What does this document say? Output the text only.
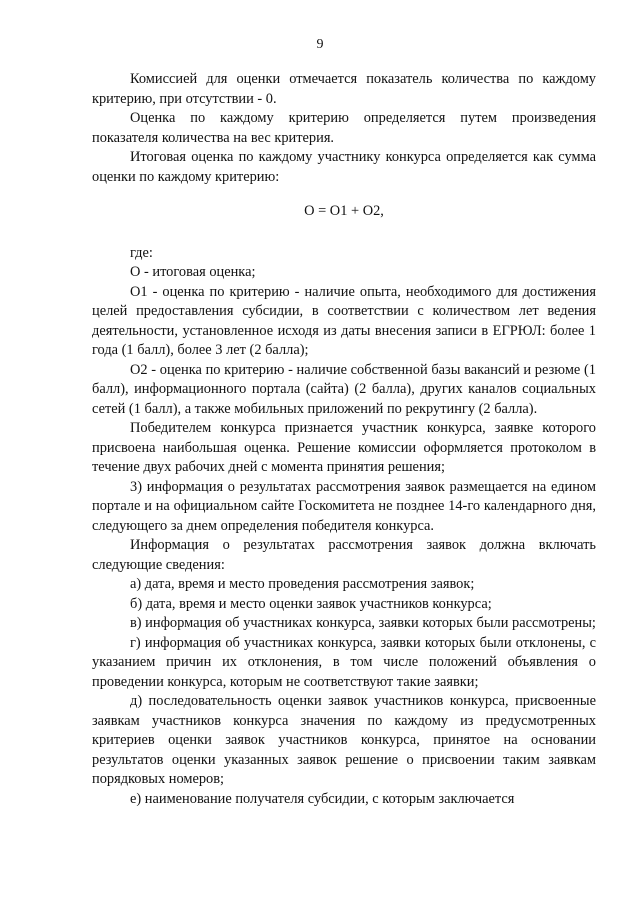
9

Комиссией для оценки отмечается показатель количества по каждому критерию, при отсутствии - 0.

Оценка по каждому критерию определяется путем произведения показателя количества на вес критерия.

Итоговая оценка по каждому участнику конкурса определяется как сумма оценки по каждому критерию:

О = О1 + О2,

где:

О - итоговая оценка;

О1 - оценка по критерию - наличие опыта, необходимого для достижения целей предоставления субсидии, в соответствии с количеством лет ведения деятельности, установленное исходя из даты внесения записи в ЕГРЮЛ: более 1 года (1 балл), более 3 лет (2 балла);

О2 - оценка по критерию - наличие собственной базы вакансий и резюме (1 балл), информационного портала (сайта) (2 балла), других каналов социальных сетей (1 балл), а также мобильных приложений по рекрутингу (2 балла).

Победителем конкурса признается участник конкурса, заявке которого присвоена наибольшая оценка. Решение комиссии оформляется протоколом в течение двух рабочих дней с момента принятия решения;

3) информация о результатах рассмотрения заявок размещается на едином портале и на официальном сайте Госкомитета не позднее 14-го календарного дня, следующего за днем определения победителя конкурса.

Информация о результатах рассмотрения заявок должна включать следующие сведения:

а) дата, время и место проведения рассмотрения заявок;

б) дата, время и место оценки заявок участников конкурса;

в) информация об участниках конкурса, заявки которых были рассмотрены;

г) информация об участниках конкурса, заявки которых были отклонены, с указанием причин их отклонения, в том числе положений объявления о проведении конкурса, которым не соответствуют такие заявки;

д) последовательность оценки заявок участников конкурса, присвоенные заявкам участников конкурса значения по каждому из предусмотренных критериев оценки заявок участников конкурса, принятое на основании результатов оценки указанных заявок решение о присвоении таким заявкам порядковых номеров;

е) наименование получателя субсидии, с которым заключается
